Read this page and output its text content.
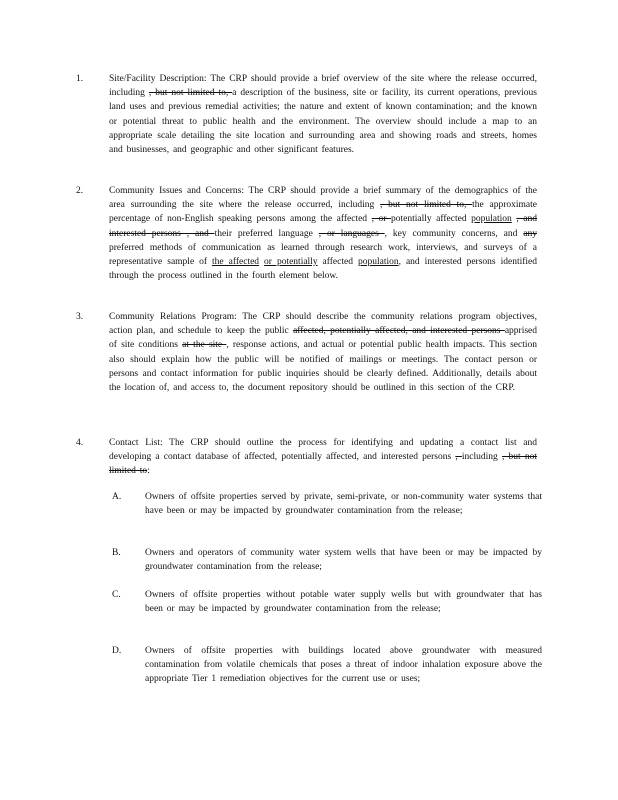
1.	Site/Facility Description: The CRP should provide a brief overview of the site where the release occurred, including , but not limited to, a description of the business, site or facility, its current operations, previous land uses and previous remedial activities; the nature and extent of known contamination; and the known or potential threat to public health and the environment. The overview should include a map to an appropriate scale detailing the site location and surrounding area and showing roads and streets, homes and businesses, and geographic and other significant features.
2.	Community Issues and Concerns: The CRP should provide a brief summary of the demographics of the area surrounding the site where the release occurred, including , but not limited to, the approximate percentage of non-English speaking persons among the affected , or potentially affected population , and interested persons , and their preferred language , or languages , key community concerns, and any preferred methods of communication as learned through research work, interviews, and surveys of a representative sample of the affected or potentially affected population, and interested persons identified through the process outlined in the fourth element below.
3.	Community Relations Program: The CRP should describe the community relations program objectives, action plan, and schedule to keep the public affected, potentially affected, and interested persons apprised of site conditions at the site , response actions, and actual or potential public health impacts. This section also should explain how the public will be notified of mailings or meetings. The contact person or persons and contact information for public inquiries should be clearly defined. Additionally, details about the location of, and access to, the document repository should be outlined in this section of the CRP.
4.	Contact List: The CRP should outline the process for identifying and updating a contact list and developing a contact database of affected, potentially affected, and interested persons , including , but not limited to:
A.	Owners of offsite properties served by private, semi-private, or non-community water systems that have been or may be impacted by groundwater contamination from the release;
B.	Owners and operators of community water system wells that have been or may be impacted by groundwater contamination from the release;
C.	Owners of offsite properties without potable water supply wells but with groundwater that has been or may be impacted by groundwater contamination from the release;
D.	Owners of offsite properties with buildings located above groundwater with measured contamination from volatile chemicals that poses a threat of indoor inhalation exposure above the appropriate Tier 1 remediation objectives for the current use or uses;
